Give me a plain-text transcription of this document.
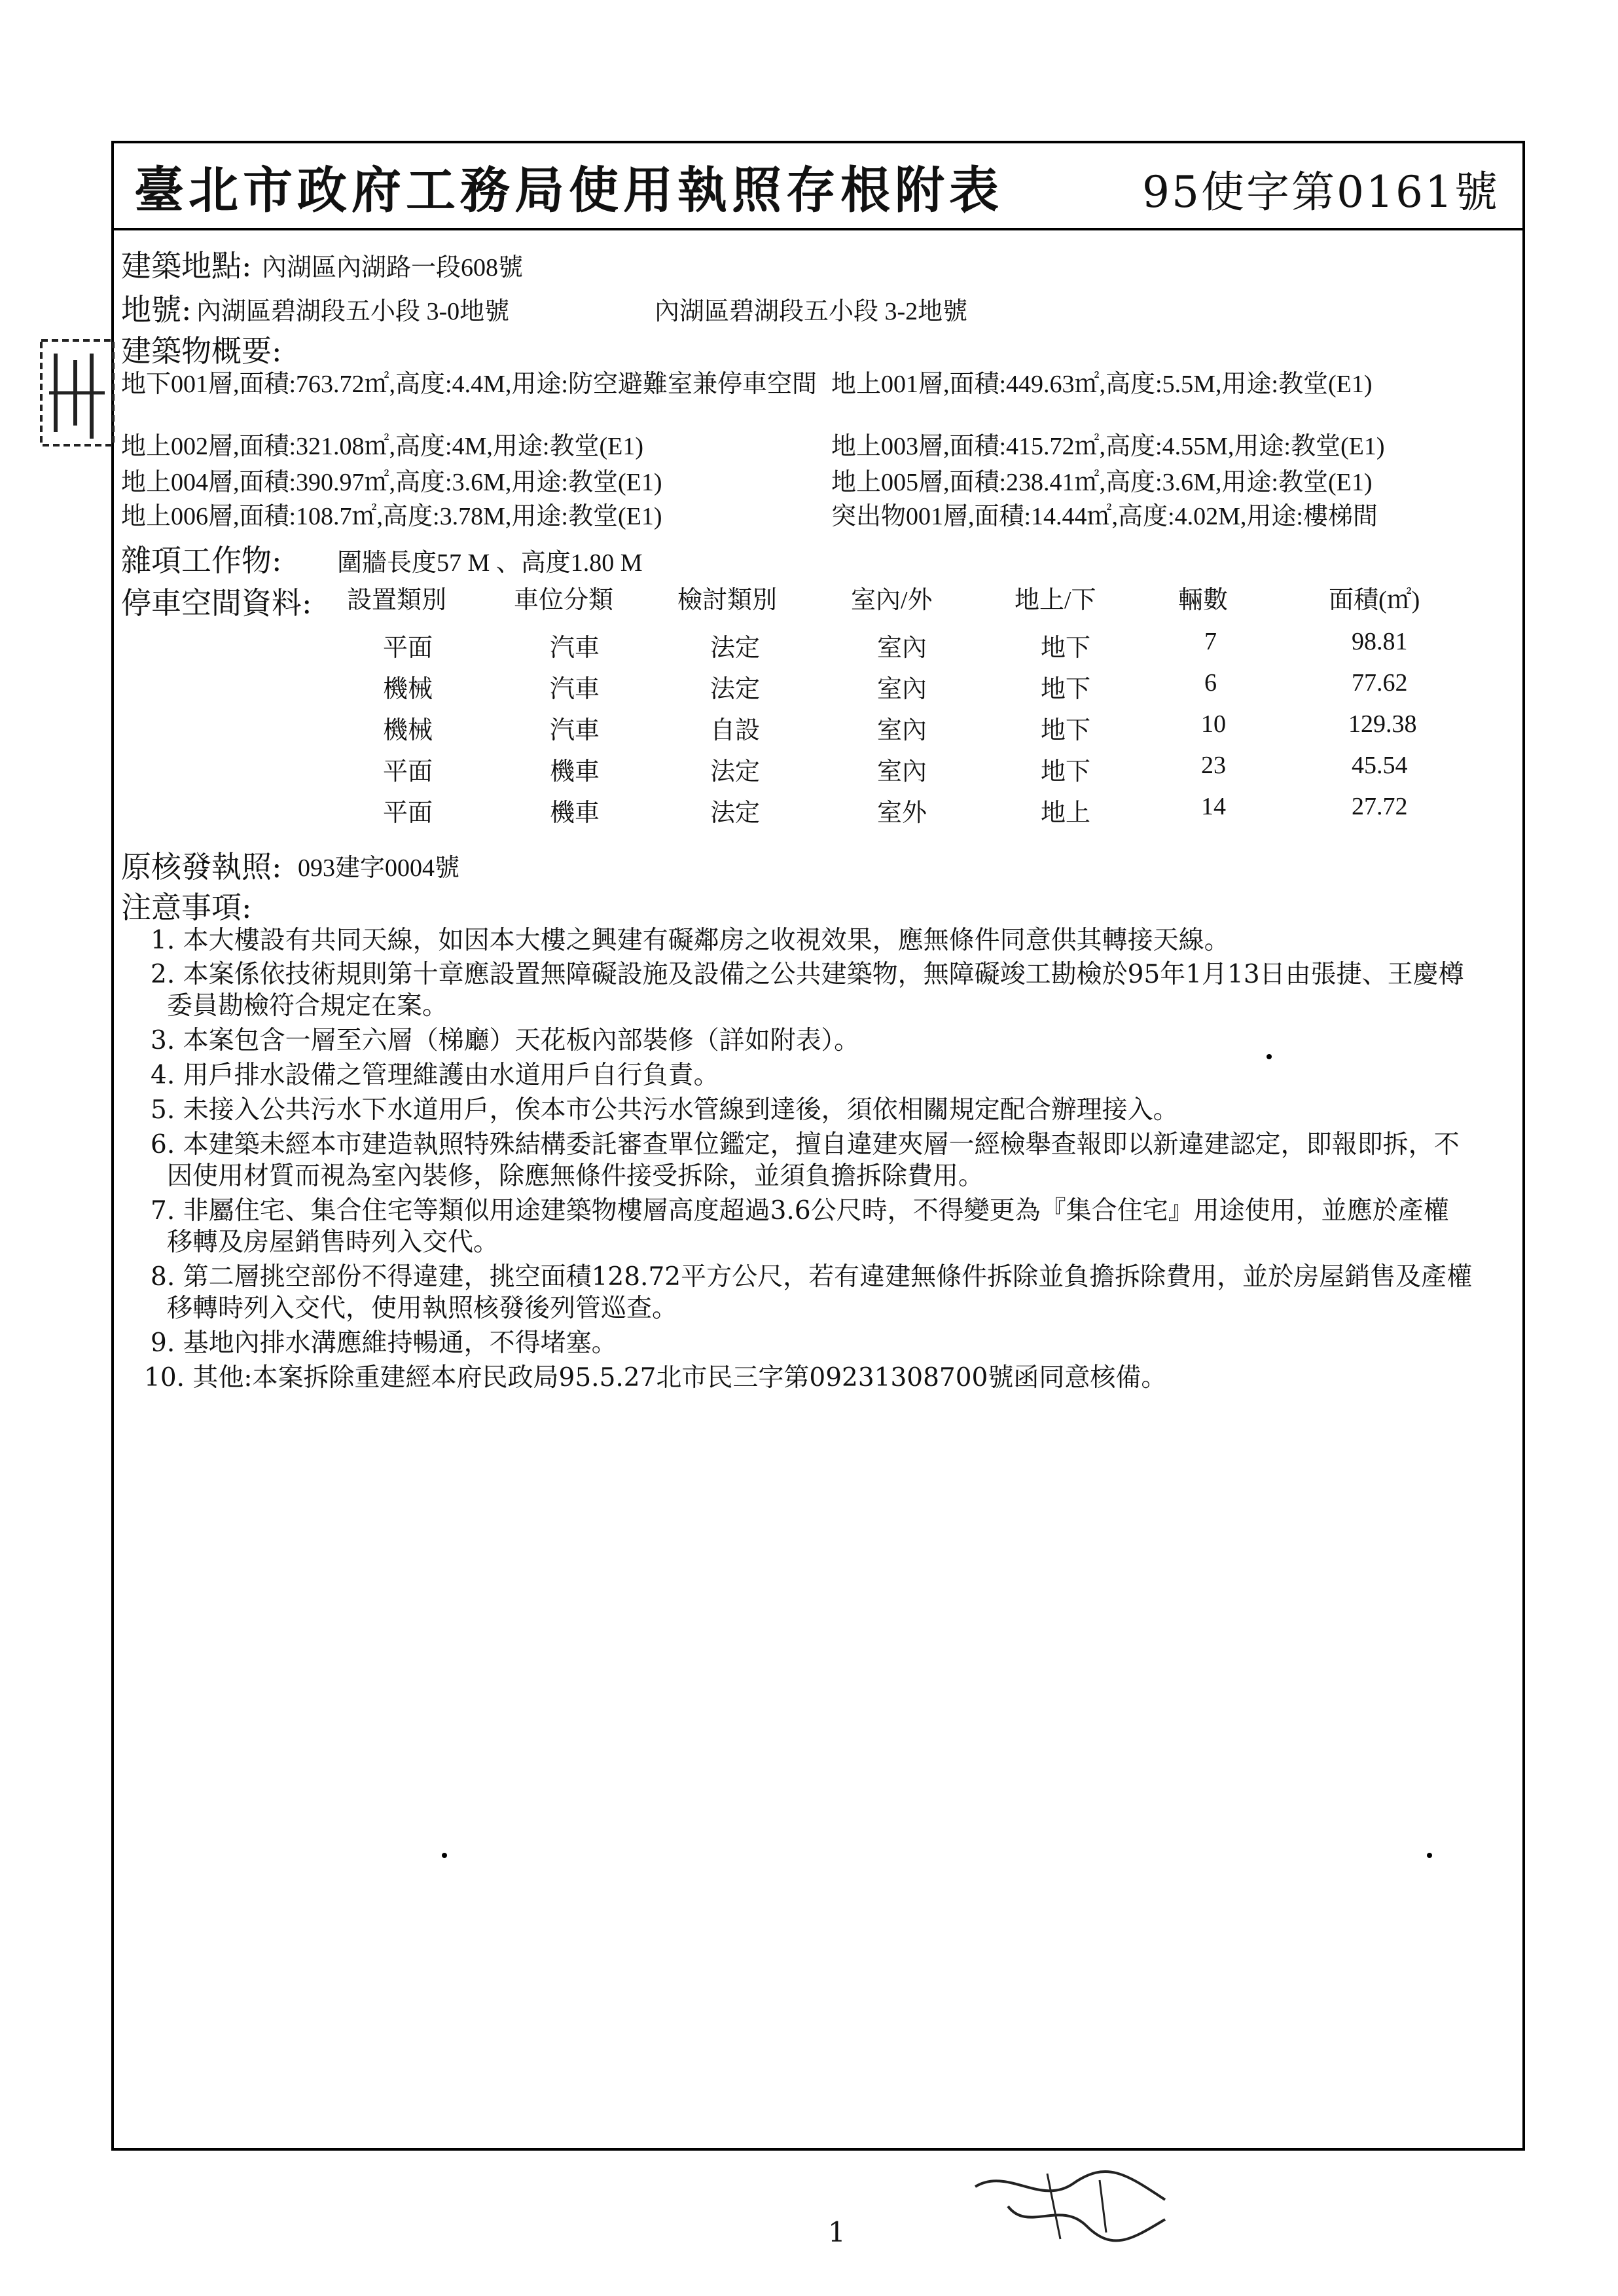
臺北市政府工務局使用執照存根附表	95使字第0161號
建築地點: 內湖區內湖路一段608號
地號: 內湖區碧湖段五小段 3-0地號	內湖區碧湖段五小段 3-2地號
建築物概要:
地下001層,面積:763.72㎡,高度:4.4M,用途:防空避難室兼停車空間 地上001層,面積:449.63㎡,高度:5.5M,用途:教堂(E1)
地上002層,面積:321.08㎡,高度:4M,用途:教堂(E1)	地上003層,面積:415.72㎡,高度:4.55M,用途:教堂(E1)
地上004層,面積:390.97㎡,高度:3.6M,用途:教堂(E1)	地上005層,面積:238.41㎡,高度:3.6M,用途:教堂(E1)
地上006層,面積:108.7㎡,高度:3.78M,用途:教堂(E1)	突出物001層,面積:14.44㎡,高度:4.02M,用途:樓梯間
雜項工作物: 圍牆長度57 M 、高度1.80 M
停車空間資料: 設置類別	車位分類	檢討類別	室內/外	地上/下	輛數	面積(㎡)
平面	汽車	法定	室內	地下	7	98.81
機械	汽車	法定	室內	地下	6	77.62
機械	汽車	自設	室內	地下	10	129.38
平面	機車	法定	室內	地下	23	45.54
平面	機車	法定	室外	地上	14	27.72
原核發執照: 093建字0004號
注意事項:
1. 本大樓設有共同天線，如因本大樓之興建有礙鄰房之收視效果，應無條件同意供其轉接天線。
2. 本案係依技術規則第十章應設置無障礙設施及設備之公共建築物，無障礙竣工勘檢於95年1月13日由張捷、王慶樽
委員勘檢符合規定在案。
3. 本案包含一層至六層（梯廳）天花板內部裝修（詳如附表）。
4. 用戶排水設備之管理維護由水道用戶自行負責。
5. 未接入公共污水下水道用戶，俟本市公共污水管線到達後，須依相關規定配合辦理接入。
6. 本建築未經本市建造執照特殊結構委託審查單位鑑定，擅自違建夾層一經檢舉查報即以新違建認定，即報即拆，不
因使用材質而視為室內裝修，除應無條件接受拆除，並須負擔拆除費用。
7. 非屬住宅、集合住宅等類似用途建築物樓層高度超過3.6公尺時，不得變更為『集合住宅』用途使用，並應於產權
移轉及房屋銷售時列入交代。
8. 第二層挑空部份不得違建，挑空面積128.72平方公尺，若有違建無條件拆除並負擔拆除費用，並於房屋銷售及產權
移轉時列入交代，使用執照核發後列管巡查。
9. 基地內排水溝應維持暢通，不得堵塞。
10. 其他:本案拆除重建經本府民政局95.5.27北市民三字第09231308700號函同意核備。
1
